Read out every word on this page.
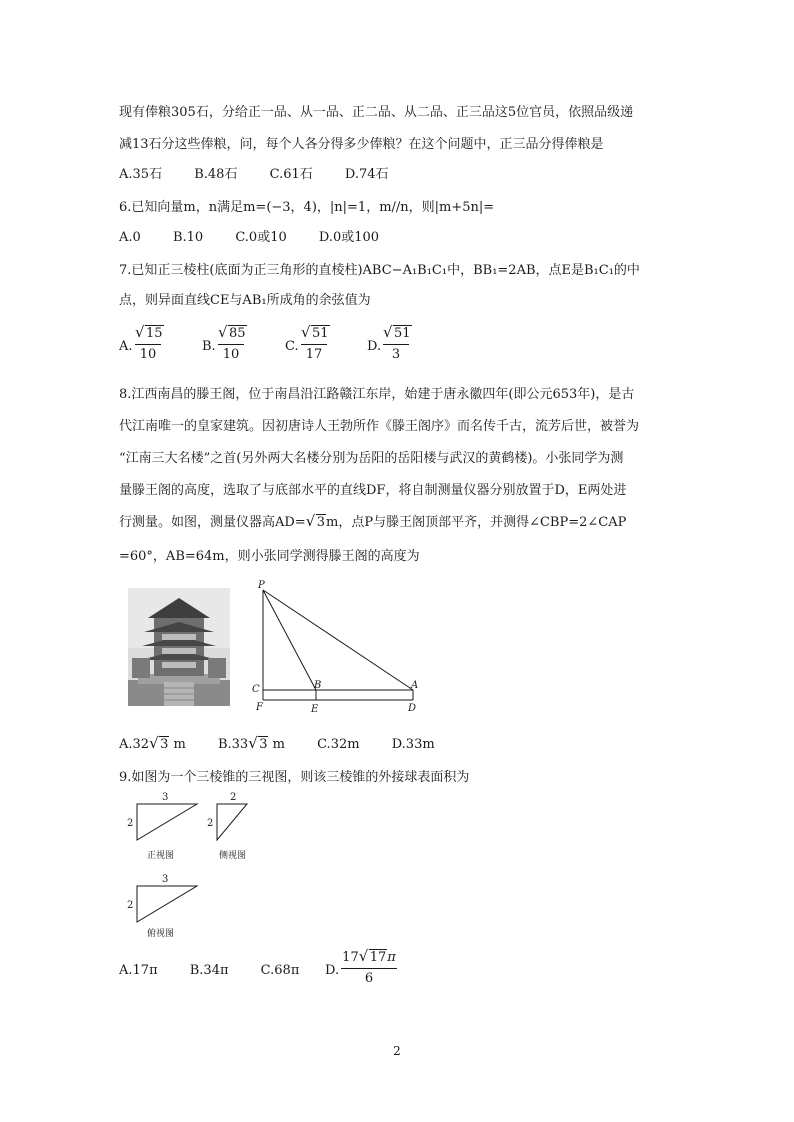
现有俸粮305石，分给正一品、从一品、正二品、从二品、正三品这5位官员，依照品级递
减13石分这些俸粮，问，每个人各分得多少俸粮？在这个问题中，正三品分得俸粮是
A.35石 B.48石 C.61石 D.74石
6.已知向量m，n满足m=(−3，4)，|n|=1，m//n，则|m+5n|=
A.0 B.10 C.0或10 D.0或100
7.已知正三棱柱(底面为正三角形的直棱柱)ABC−A₁B₁C₁中，BB₁=2AB，点E是B₁C₁的中
点，则异面直线CE与AB₁所成角的余弦值为
A.
√ 15
10
B.
√ 85
10
C.
√ 51
17
D.
√ 51
3
8.江西南昌的滕王阁，位于南昌沿江路赣江东岸，始建于唐永徽四年(即公元653年)，是古
代江南唯一的皇家建筑。因初唐诗人王勃所作《滕王阁序》而名传千古，流芳后世，被誉为
“江南三大名楼”之首(另外两大名楼分别为岳阳的岳阳楼与武汉的黄鹤楼)。小张同学为测
量滕王阁的高度，选取了与底部水平的直线DF，将自制测量仪器分别放置于D，E两处进
行测量。如图，测量仪器高AD= √ 3m，点P与滕王阁顶部平齐，并测得∠CBP=2∠CAP
=60°，AB=64m，则小张同学测得滕王阁的高度为
P
C	B	A
F	E	D
A.32 √ 3 m B.33 √ 3 m C.32m D.33m
9.如图为一个三棱锥的三视图，则该三棱锥的外接球表面积为
3
2
2
2
3
2
正视图	侧视图
俯视图
A.17π B.34π C.68π	D.
17 √ 17π
6
2
